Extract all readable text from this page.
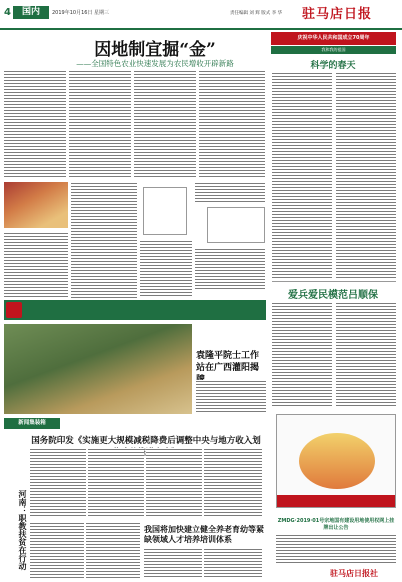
4	国内	2019年10月16日 星期三	责任编辑 刘 辉 版式 李 华 驻马店日报
因地制宜掘“金”
——全国特色农业快速发展为农民增收开辟新路
袁隆平院士工作站在广西灌阳揭
庆祝中华人民共和国成立70周年
我和我的祖国
科学的春天
爱兵爱民模范吕顺保
新闻集装箱
国务院印发《实施更大规模减税降费后调整中央与地方收入划
河南：职教扶贫在行动	我国将加快建立健全养老育幼等紧缺领域人才培养培训体系
ZMDG·2019·01号宗地国有建设用地使用权网上挂牌出让公告
驻马店日报社
